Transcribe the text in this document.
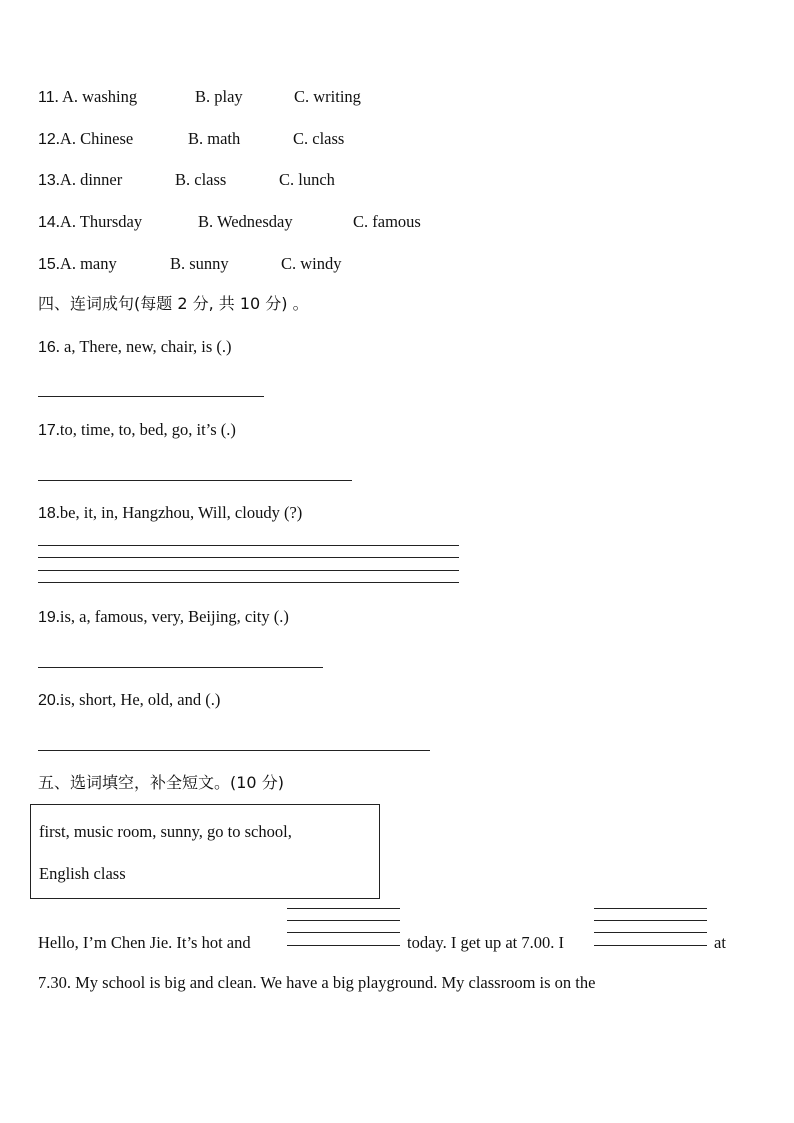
11. A. washing	B. play	C. writing
12.A. Chinese	B. math	C. class
13.A. dinner	B. class	C. lunch
14.A. Thursday	B. Wednesday	C. famous
15.A. many	B. sunny	C. windy
四、连词成句(每题 2 分, 共 10 分) 。
16. a, There, new, chair, is (.)
17.to, time, to, bed, go, it’s (.)
18.be, it, in, Hangzhou, Will, cloudy (?)
19.is, a, famous, very, Beijing, city (.)
20.is, short, He, old, and (.)
五、选词填空，补全短文。(10 分)
first, music room, sunny, go to school,
English class
Hello, I’m Chen Jie. It’s hot and	today. I get up at 7.00. I	at
7.30. My school is big and clean. We have a big playground. My classroom is on the
